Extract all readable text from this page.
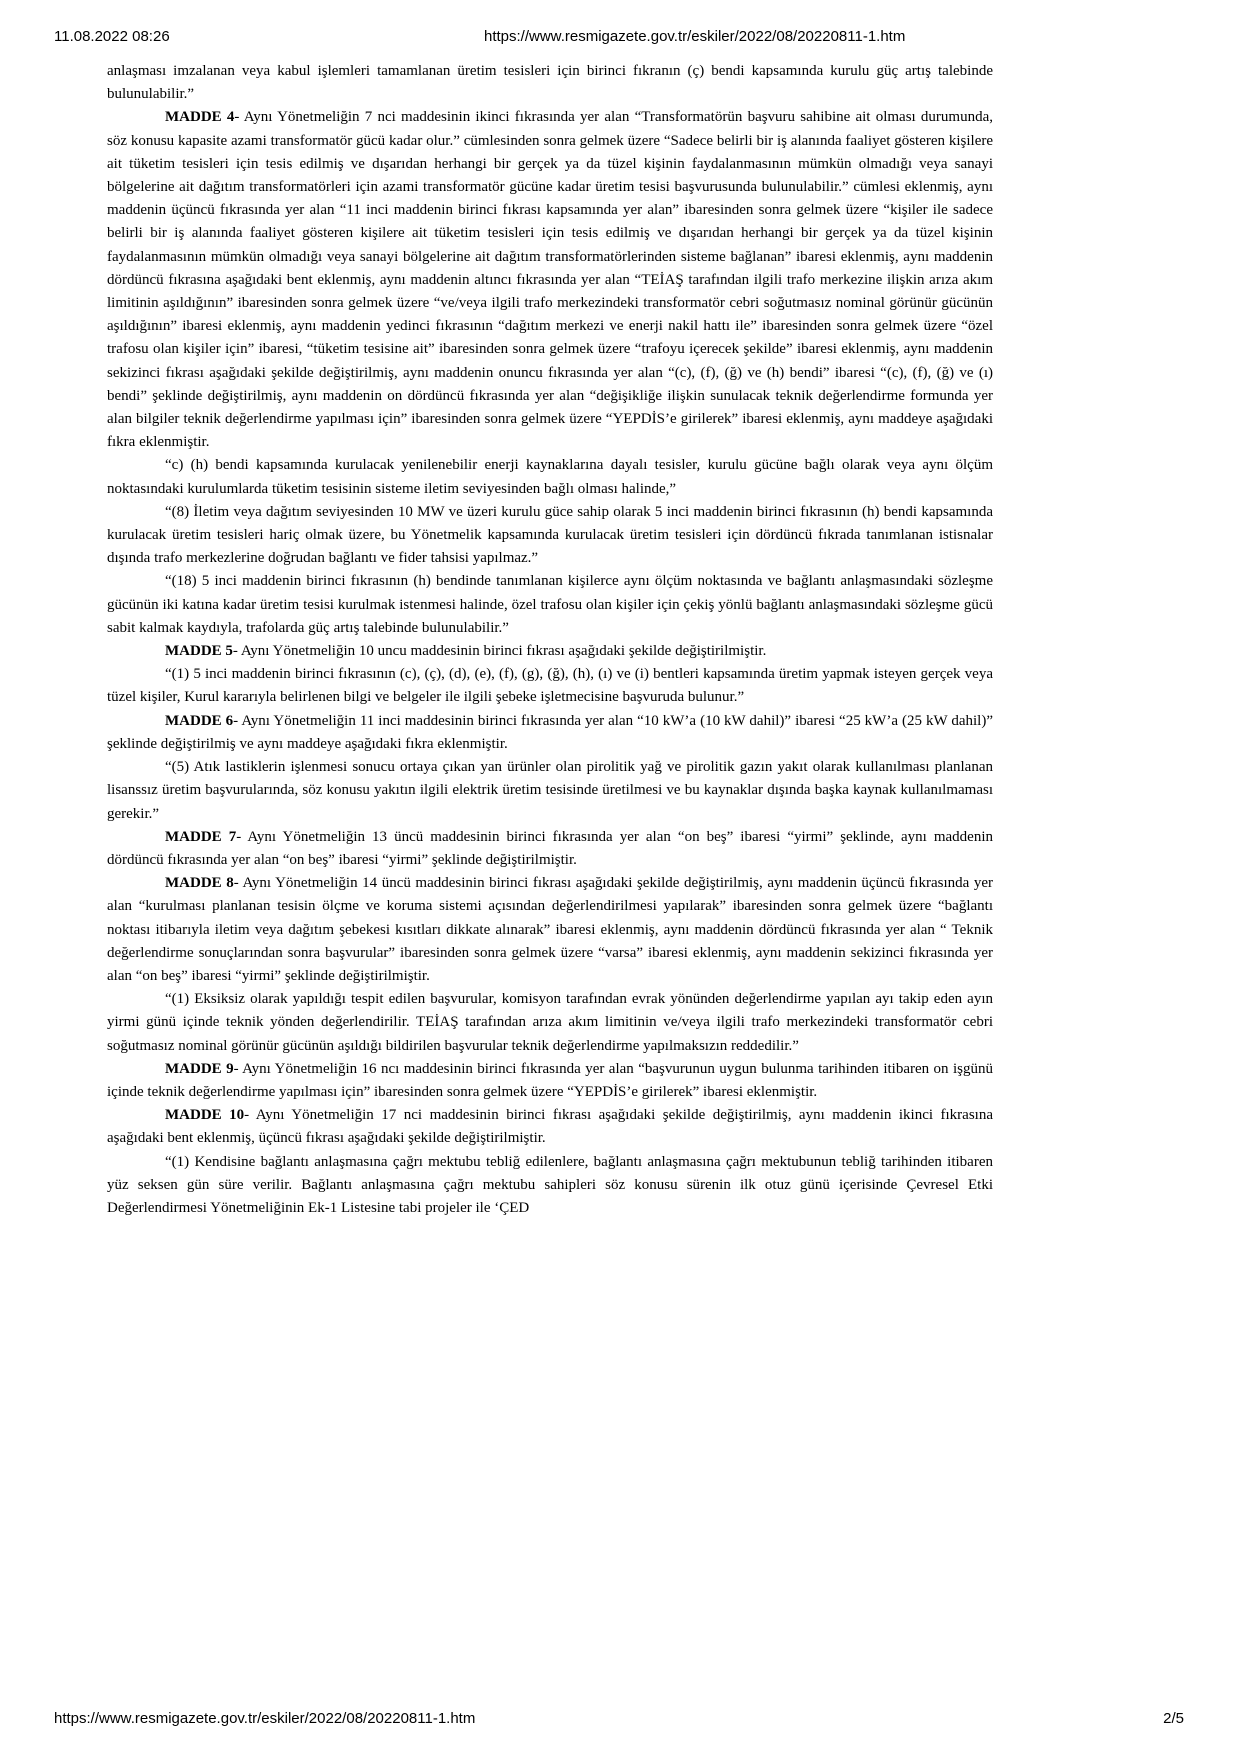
11.08.2022 08:26	https://www.resmigazete.gov.tr/eskiler/2022/08/20220811-1.htm

anlaşması imzalanan veya kabul işlemleri tamamlanan üretim tesisleri için birinci fıkranın (ç) bendi kapsamında kurulu güç artış talebinde bulunulabilir.”

MADDE 4- Aynı Yönetmeliğin 7 nci maddesinin ikinci fıkrasında yer alan “Transformatörün başvuru sahibine ait olması durumunda, söz konusu kapasite azami transformatör gücü kadar olur.” cümlesinden sonra gelmek üzere “Sadece belirli bir iş alanında faaliyet gösteren kişilere ait tüketim tesisleri için tesis edilmiş ve dışarıdan herhangi bir gerçek ya da tüzel kişinin faydalanmasının mümkün olmadığı veya sanayi bölgelerine ait dağıtım transformatörleri için azami transformatör gücüne kadar üretim tesisi başvurusunda bulunulabilir.” cümlesi eklenmiş, aynı maddenin üçüncü fıkrasında yer alan “11 inci maddenin birinci fıkrası kapsamında yer alan” ibaresinden sonra gelmek üzere “kişiler ile sadece belirli bir iş alanında faaliyet gösteren kişilere ait tüketim tesisleri için tesis edilmiş ve dışarıdan herhangi bir gerçek ya da tüzel kişinin faydalanmasının mümkün olmadığı veya sanayi bölgelerine ait dağıtım transformatörlerinden sisteme bağlanan” ibaresi eklenmiş, aynı maddenin dördüncü fıkrasına aşağıdaki bent eklenmiş, aynı maddenin altıncı fıkrasında yer alan “TEİAŞ tarafından ilgili trafo merkezine ilişkin arıza akım limitinin aşıldığının” ibaresinden sonra gelmek üzere “ve/veya ilgili trafo merkezindeki transformatör cebri soğutmasız nominal görünür gücünün aşıldığının” ibaresi eklenmiş, aynı maddenin yedinci fıkrasının “dağıtım merkezi ve enerji nakil hattı ile” ibaresinden sonra gelmek üzere “özel trafosu olan kişiler için” ibaresi, “tüketim tesisine ait” ibaresinden sonra gelmek üzere “trafoyu içerecek şekilde” ibaresi eklenmiş, aynı maddenin sekizinci fıkrası aşağıdaki şekilde değiştirilmiş, aynı maddenin onuncu fıkrasında yer alan “(c), (f), (ğ) ve (h) bendi” ibaresi “(c), (f), (ğ) ve (ı) bendi” şeklinde değiştirilmiş, aynı maddenin on dördüncü fıkrasında yer alan “değişikliğe ilişkin sunulacak teknik değerlendirme formunda yer alan bilgiler teknik değerlendirme yapılması için” ibaresinden sonra gelmek üzere “YEPDİS’e girilerek” ibaresi eklenmiş, aynı maddeye aşağıdaki fıkra eklenmiştir.

“c) (h) bendi kapsamında kurulacak yenilenebilir enerji kaynaklarına dayalı tesisler, kurulu gücüne bağlı olarak veya aynı ölçüm noktasındaki kurulumlarda tüketim tesisinin sisteme iletim seviyesinden bağlı olması halinde,”

“(8) İletim veya dağıtım seviyesinden 10 MW ve üzeri kurulu güce sahip olarak 5 inci maddenin birinci fıkrasının (h) bendi kapsamında kurulacak üretim tesisleri hariç olmak üzere, bu Yönetmelik kapsamında kurulacak üretim tesisleri için dördüncü fıkrada tanımlanan istisnalar dışında trafo merkezlerine doğrudan bağlantı ve fider tahsisi yapılmaz.”

“(18) 5 inci maddenin birinci fıkrasının (h) bendinde tanımlanan kişilerce aynı ölçüm noktasında ve bağlantı anlaşmasındaki sözleşme gücünün iki katına kadar üretim tesisi kurulmak istenmesi halinde, özel trafosu olan kişiler için çekiş yönlü bağlantı anlaşmasındaki sözleşme gücü sabit kalmak kaydıyla, trafolarda güç artış talebinde bulunulabilir.”

MADDE 5- Aynı Yönetmeliğin 10 uncu maddesinin birinci fıkrası aşağıdaki şekilde değiştirilmiştir.

“(1) 5 inci maddenin birinci fıkrasının (c), (ç), (d), (e), (f), (g), (ğ), (h), (ı) ve (i) bentleri kapsamında üretim yapmak isteyen gerçek veya tüzel kişiler, Kurul kararıyla belirlenen bilgi ve belgeler ile ilgili şebeke işletmecisine başvuruda bulunur.”

MADDE 6- Aynı Yönetmeliğin 11 inci maddesinin birinci fıkrasında yer alan “10 kW’a (10 kW dahil)” ibaresi “25 kW’a (25 kW dahil)” şeklinde değiştirilmiş ve aynı maddeye aşağıdaki fıkra eklenmiştir.

“(5) Atık lastiklerin işlenmesi sonucu ortaya çıkan yan ürünler olan pirolitik yağ ve pirolitik gazın yakıt olarak kullanılması planlanan lisanssız üretim başvurularında, söz konusu yakıtın ilgili elektrik üretim tesisinde üretilmesi ve bu kaynaklar dışında başka kaynak kullanılmaması gerekir.”

MADDE 7- Aynı Yönetmeliğin 13 üncü maddesinin birinci fıkrasında yer alan “on beş” ibaresi “yirmi” şeklinde, aynı maddenin dördüncü fıkrasında yer alan “on beş” ibaresi “yirmi” şeklinde değiştirilmiştir.

MADDE 8- Aynı Yönetmeliğin 14 üncü maddesinin birinci fıkrası aşağıdaki şekilde değiştirilmiş, aynı maddenin üçüncü fıkrasında yer alan “kurulması planlanan tesisin ölçme ve koruma sistemi açısından değerlendirilmesi yapılarak” ibaresinden sonra gelmek üzere “bağlantı noktası itibarıyla iletim veya dağıtım şebekesi kısıtları dikkate alınarak” ibaresi eklenmiş, aynı maddenin dördüncü fıkrasında yer alan “ Teknik değerlendirme sonuçlarından sonra başvurular” ibaresinden sonra gelmek üzere “varsa” ibaresi eklenmiş, aynı maddenin sekizinci fıkrasında yer alan “on beş” ibaresi “yirmi” şeklinde değiştirilmiştir.

“(1) Eksiksiz olarak yapıldığı tespit edilen başvurular, komisyon tarafından evrak yönünden değerlendirme yapılan ayı takip eden ayın yirmi günü içinde teknik yönden değerlendirilir. TEİAŞ tarafından arıza akım limitinin ve/veya ilgili trafo merkezindeki transformatör cebri soğutmasız nominal görünür gücünün aşıldığı bildirilen başvurular teknik değerlendirme yapılmaksızın reddedilir.”

MADDE 9- Aynı Yönetmeliğin 16 ncı maddesinin birinci fıkrasında yer alan “başvurunun uygun bulunma tarihinden itibaren on işgünü içinde teknik değerlendirme yapılması için” ibaresinden sonra gelmek üzere “YEPDİS’e girilerek” ibaresi eklenmiştir.

MADDE 10- Aynı Yönetmeliğin 17 nci maddesinin birinci fıkrası aşağıdaki şekilde değiştirilmiş, aynı maddenin ikinci fıkrasına aşağıdaki bent eklenmiş, üçüncü fıkrası aşağıdaki şekilde değiştirilmiştir.

“(1) Kendisine bağlantı anlaşmasına çağrı mektubu tebliğ edilenlere, bağlantı anlaşmasına çağrı mektubunun tebliğ tarihinden itibaren yüz seksen gün süre verilir. Bağlantı anlaşmasına çağrı mektubu sahipleri söz konusu sürenin ilk otuz günü içerisinde Çevresel Etki Değerlendirmesi Yönetmeliğinin Ek-1 Listesine tabi projeler ile ‘ÇED

https://www.resmigazete.gov.tr/eskiler/2022/08/20220811-1.htm	2/5
